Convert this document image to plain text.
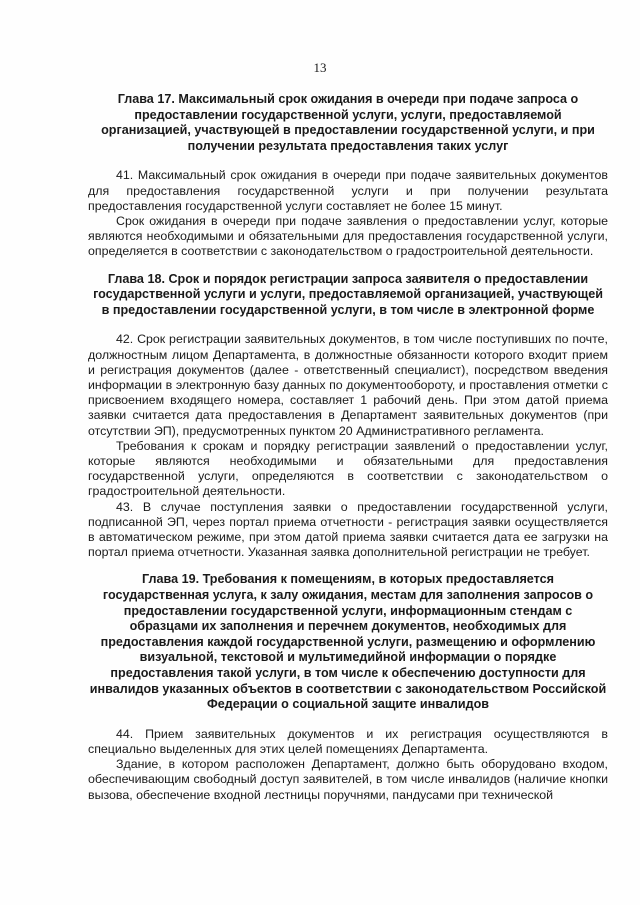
13
Глава 17. Максимальный срок ожидания в очереди при подаче запроса о предоставлении государственной услуги, услуги, предоставляемой организацией, участвующей в предоставлении государственной услуги, и при получении результата предоставления таких услуг

41. Максимальный срок ожидания в очереди при подаче заявительных документов для предоставления государственной услуги и при получении результата предоставления государственной услуги составляет не более 15 минут.

Срок ожидания в очереди при подаче заявления о предоставлении услуг, которые являются необходимыми и обязательными для предоставления государственной услуги, определяется в соответствии с законодательством о градостроительной деятельности.

Глава 18. Срок и порядок регистрации запроса заявителя о предоставлении государственной услуги и услуги, предоставляемой организацией, участвующей в предоставлении государственной услуги, в том числе в электронной форме

42. Срок регистрации заявительных документов, в том числе поступивших по почте, должностным лицом Департамента, в должностные обязанности которого входит прием и регистрация документов (далее - ответственный специалист), посредством введения информации в электронную базу данных по документообороту, и проставления отметки с присвоением входящего номера, составляет 1 рабочий день. При этом датой приема заявки считается дата предоставления в Департамент заявительных документов (при отсутствии ЭП), предусмотренных пунктом 20 Административного регламента.

Требования к срокам и порядку регистрации заявлений о предоставлении услуг, которые являются необходимыми и обязательными для предоставления государственной услуги, определяются в соответствии с законодательством о градостроительной деятельности.

43. В случае поступления заявки о предоставлении государственной услуги, подписанной ЭП, через портал приема отчетности - регистрация заявки осуществляется в автоматическом режиме, при этом датой приема заявки считается дата ее загрузки на портал приема отчетности. Указанная заявка дополнительной регистрации не требует.

Глава 19. Требования к помещениям, в которых предоставляется государственная услуга, к залу ожидания, местам для заполнения запросов о предоставлении государственной услуги, информационным стендам с образцами их заполнения и перечнем документов, необходимых для предоставления каждой государственной услуги, размещению и оформлению визуальной, текстовой и мультимедийной информации о порядке предоставления такой услуги, в том числе к обеспечению доступности для инвалидов указанных объектов в соответствии с законодательством Российской Федерации о социальной защите инвалидов

44. Прием заявительных документов и их регистрация осуществляются в специально выделенных для этих целей помещениях Департамента.

Здание, в котором расположен Департамент, должно быть оборудовано входом, обеспечивающим свободный доступ заявителей, в том числе инвалидов (наличие кнопки вызова, обеспечение входной лестницы поручнями, пандусами при технической
